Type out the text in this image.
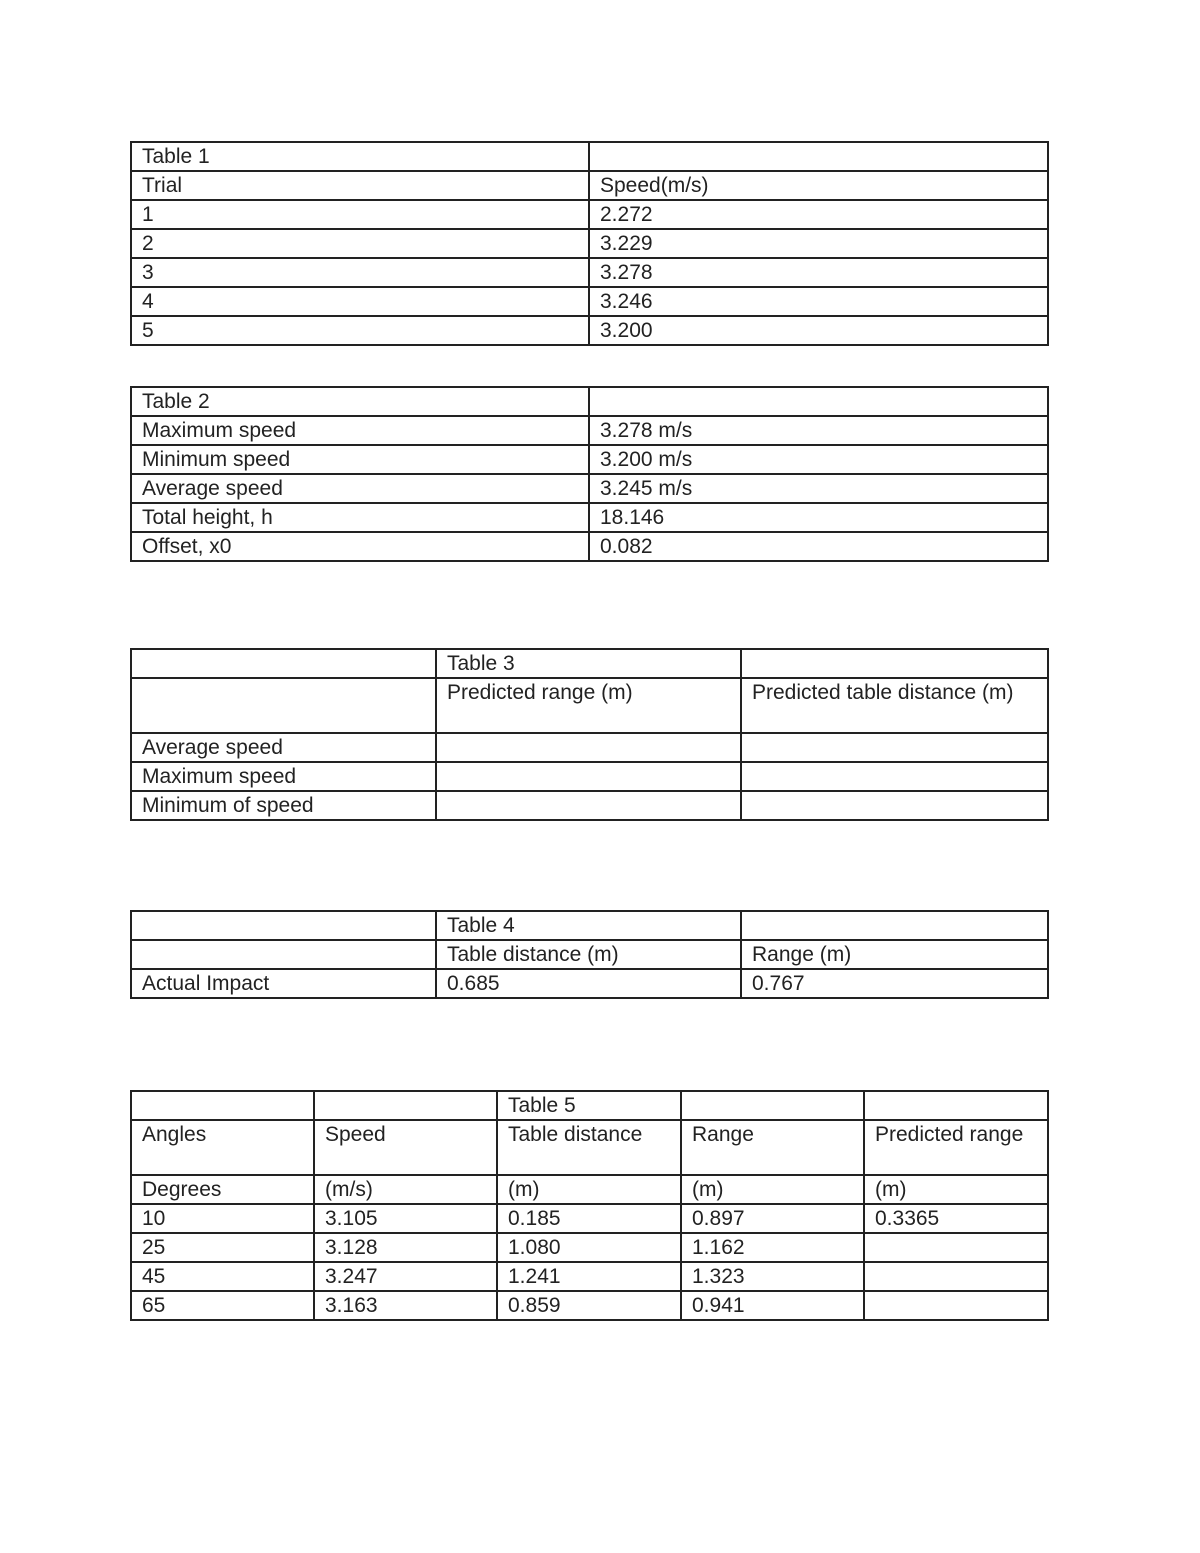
Table 1	
Trial	Speed(m/s)
1	2.272
2	3.229
3	3.278
4	3.246
5	3.200
Table 2	
Maximum speed	3.278 m/s
Minimum speed	3.200 m/s
Average speed	3.245 m/s
Total height, h	18.146
Offset, x0	0.082
	Table 3	
	Predicted range (m)	Predicted table distance (m)
Average speed		
Maximum speed		
Minimum of speed		
	Table 4	
	Table distance (m)	Range (m)
Actual Impact	0.685	0.767
		Table 5		
Angles	Speed	Table distance	Range	Predicted range
Degrees	(m/s)	(m)	(m)	(m)
10	3.105	0.185	0.897	0.3365
25	3.128	1.080	1.162	
45	3.247	1.241	1.323	
65	3.163	0.859	0.941	
